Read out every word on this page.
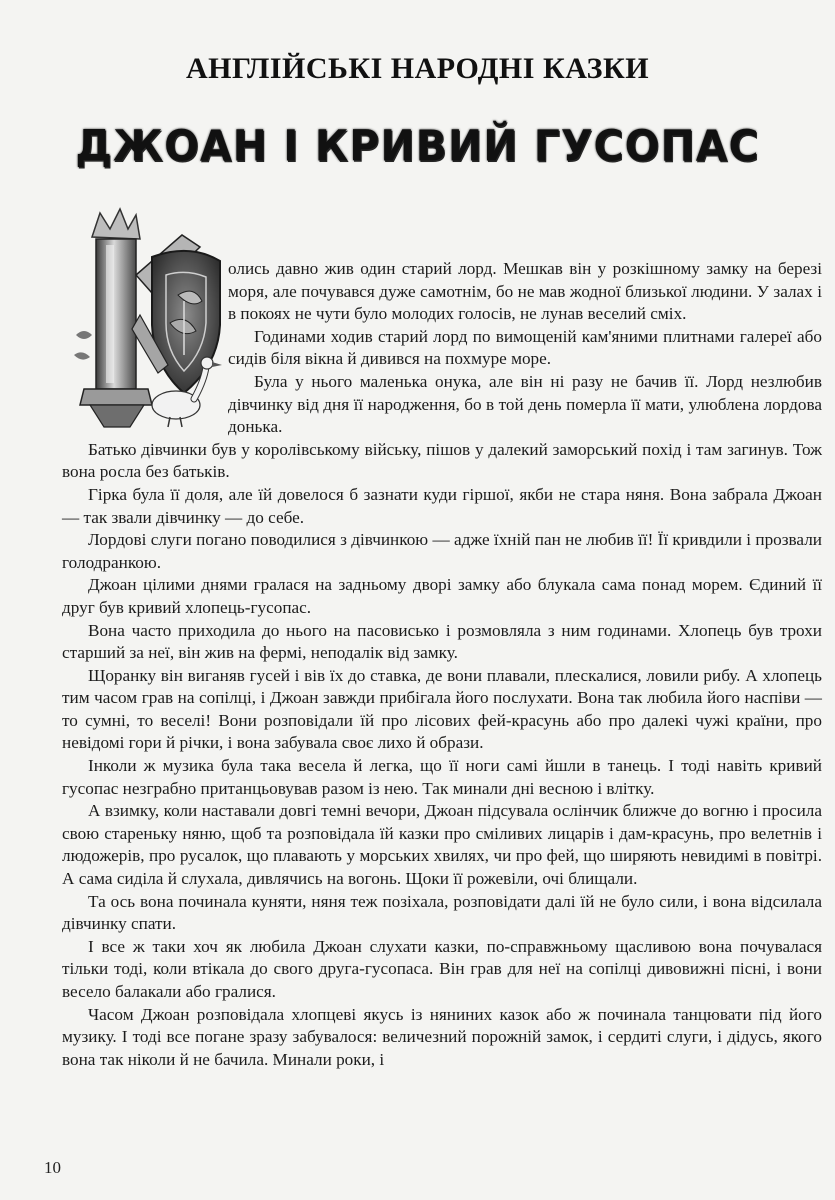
АНГЛІЙСЬКІ НАРОДНІ КАЗКИ
ДЖОАН І КРИВИЙ ГУСОПАС

олись давно жив один старий лорд. Мешкав він у розкішному замку на березі моря, але почувався дуже самотнім, бо не мав жодної близької людини. У залах і в покоях не чути було молодих голосів, не лунав веселий сміх.

Годинами ходив старий лорд по вимощеній кам'яними плитнами галереї або сидів біля вікна й дивився на похмуре море.

Була у нього маленька онука, але він ні разу не бачив її. Лорд незлюбив дівчинку від дня її народження, бо в той день померла її мати, улюблена лордова донька.

Батько дівчинки був у королівському війську, пішов у далекий заморський похід і там загинув. Тож вона росла без батьків.

Гірка була її доля, але їй довелося б зазнати куди гіршої, якби не стара няня. Вона забрала Джоан — так звали дівчинку — до себе.

Лордові слуги погано поводилися з дівчинкою — адже їхній пан не любив її! Її кривдили і прозвали голодранкою.

Джоан цілими днями гралася на задньому дворі замку або блукала сама понад морем. Єдиний її друг був кривий хлопець-гусопас.

Вона часто приходила до нього на пасовисько і розмовляла з ним годинами. Хлопець був трохи старший за неї, він жив на фермі, неподалік від замку.

Щоранку він виганяв гусей і вів їх до ставка, де вони плавали, плескалися, ловили рибу. А хлопець тим часом грав на сопілці, і Джоан завжди прибігала його послухати. Вона так любила його наспіви — то сумні, то веселі! Вони розповідали їй про лісових фей-красунь або про далекі чужі країни, про невідомі гори й річки, і вона забувала своє лихо й образи.

Інколи ж музика була така весела й легка, що її ноги самі йшли в танець. І тоді навіть кривий гусопас незграбно пританцьовував разом із нею. Так минали дні весною і влітку.

А взимку, коли наставали довгі темні вечори, Джоан підсувала ослінчик ближче до вогню і просила свою стареньку няню, щоб та розповідала їй казки про сміливих лицарів і дам-красунь, про велетнів і людожерів, про русалок, що плавають у морських хвилях, чи про фей, що ширяють невидимі в повітрі. А сама сиділа й слухала, дивлячись на вогонь. Щоки її рожевіли, очі блищали.

Та ось вона починала куняти, няня теж позіхала, розповідати далі їй не було сили, і вона відсилала дівчинку спати.

І все ж таки хоч як любила Джоан слухати казки, по-справжньому щасливою вона почувалася тільки тоді, коли втікала до свого друга-гусопаса. Він грав для неї на сопілці дивовижні пісні, і вони весело балакали або гралися.

Часом Джоан розповідала хлопцеві якусь із няниних казок або ж починала танцювати під його музику. І тоді все погане зразу забувалося: величезний порожній замок, і сердиті слуги, і дідусь, якого вона так ніколи й не бачила. Минали роки, і

10
